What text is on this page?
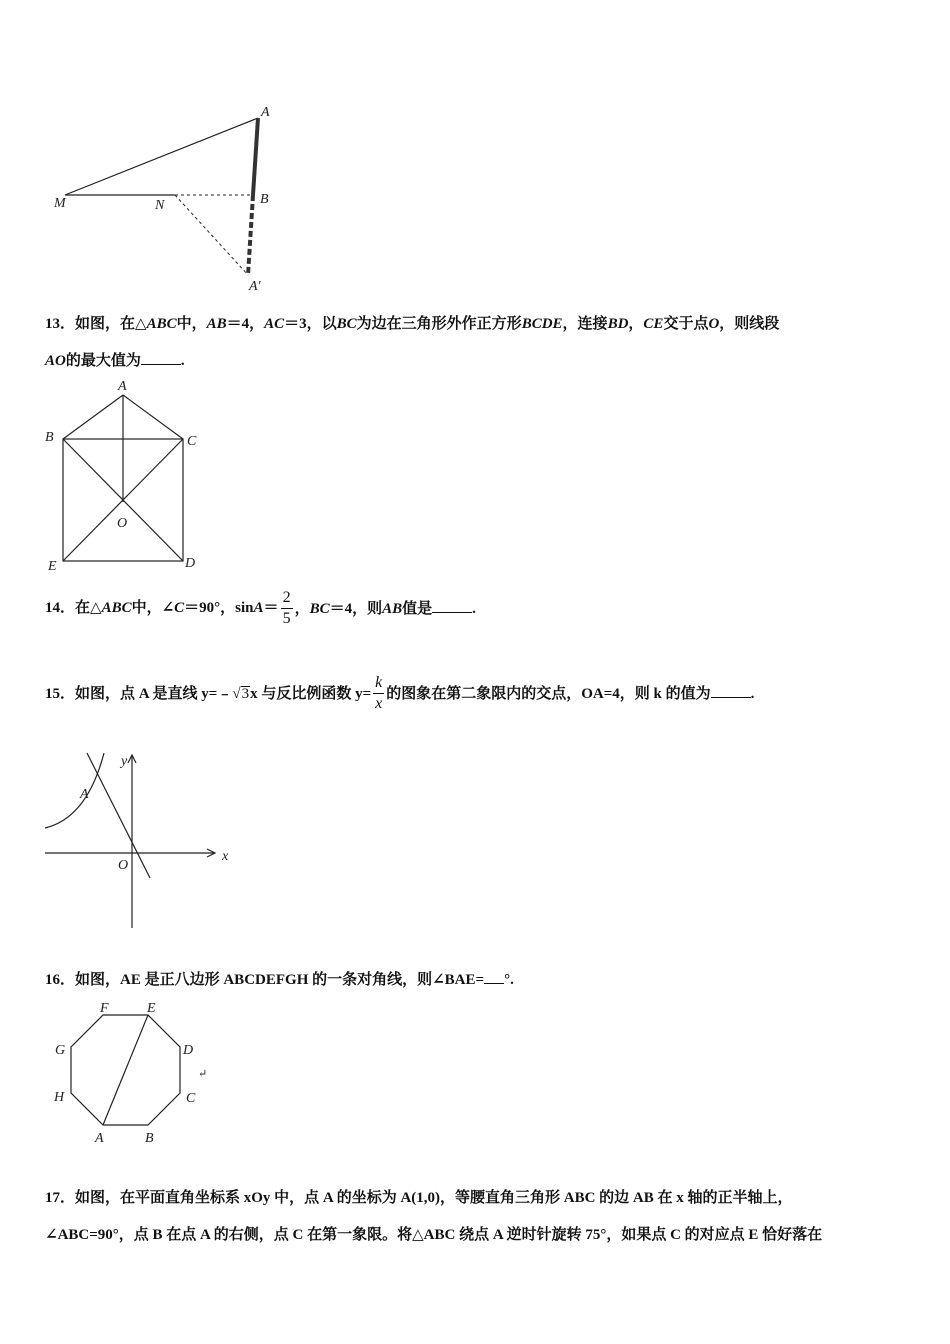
A
B
M	N
A′
13．如图，在△ABC中，AB＝4，AC＝3，以BC为边在三角形外作正方形BCDE，连接BD，CE交于点O，则线段
AO的最大值为	.
A
B	C
O
E	D
14．在△ABC中，∠C＝90°，$\sin A= \frac{2}{5}$ ，BC＝4，则AB值是	.
15．如图，点 A 是直线 y=﹣√3x 与反比例函数 $y= \frac{k}{x}$ 的图象在第二象限内的交点，OA=4，则 k 的值为	.
y
x
A
O
16．如图，AE 是正八边形 ABCDEFGH 的一条对角线，则∠BAE= °.
A	B
C
D
E
F
G
H
↵
17．如图，在平面直角坐标系 xOy 中，点 A 的坐标为 A(1,0)，等腰直角三角形 ABC 的边 AB 在 x 轴的正半轴上，
∠ABC=90°，点 B 在点 A 的右侧，点 C 在第一象限。将△ABC 绕点 A 逆时针旋转 75°，如果点 C 的对应点 E 恰好落在
